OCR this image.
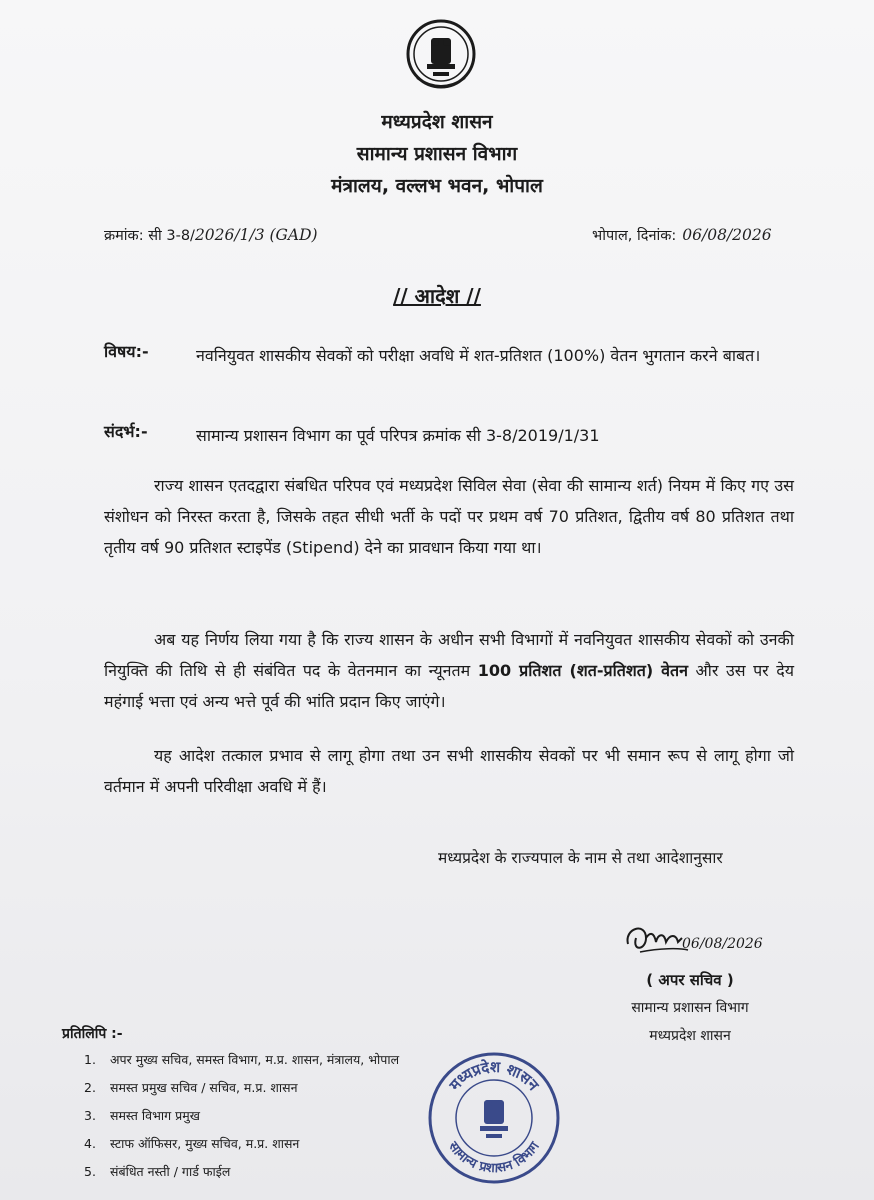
मध्यप्रदेश शासन
सामान्य प्रशासन विभाग
मंत्रालय, वल्लभ भवन, भोपाल
क्रमांक: सी 3-8/2026/1/3 (GAD)	भोपाल, दिनांक: 06/08/2026
// आदेश //
विषय:-	नवनियुवत शासकीय सेवकों को परीक्षा अवधि में शत-प्रतिशत (100%) वेतन भुगतान करने बाबत।
संदर्भ:-	सामान्य प्रशासन विभाग का पूर्व परिपत्र क्रमांक सी 3-8/2019/1/31

राज्य शासन एतदद्वारा संबधित परिपव एवं मध्यप्रदेश सिविल सेवा (सेवा की सामान्य शर्त) नियम में किए गए उस संशोधन को निरस्त करता है, जिसके तहत सीधी भर्ती के पदों पर प्रथम वर्ष 70 प्रतिशत, द्वितीय वर्ष 80 प्रतिशत तथा तृतीय वर्ष 90 प्रतिशत स्टाइपेंड (Stipend) देने का प्रावधान किया गया था।

अब यह निर्णय लिया गया है कि राज्य शासन के अधीन सभी विभागों में नवनियुवत शासकीय सेवकों को उनकी नियुक्ति की तिथि से ही संबंवित पद के वेतनमान का न्यूनतम 100 प्रतिशत (शत-प्रतिशत) वेतन और उस पर देय महंगाई भत्ता एवं अन्य भत्ते पूर्व की भांति प्रदान किए जाएंगे।

यह आदेश तत्काल प्रभाव से लागू होगा तथा उन सभी शासकीय सेवकों पर भी समान रूप से लागू होगा जो वर्तमान में अपनी परिवीक्षा अवधि में हैं।

मध्यप्रदेश के राज्यपाल के नाम से तथा आदेशानुसार
06/08/2026
( अपर सचिव )
सामान्य प्रशासन विभाग
मध्यप्रदेश शासन
प्रतिलिपि :-
1. अपर मुख्य सचिव, समस्त विभाग, म.प्र. शासन, मंत्रालय, भोपाल
2. समस्त प्रमुख सचिव / सचिव, म.प्र. शासन
3. समस्त विभाग प्रमुख
4. स्टाफ ऑफिसर, मुख्य सचिव, म.प्र. शासन
5. संबंधित नस्ती / गार्ड फाईल
मध्यप्रदेश शासन
सामान्य प्रशासन विभाग
